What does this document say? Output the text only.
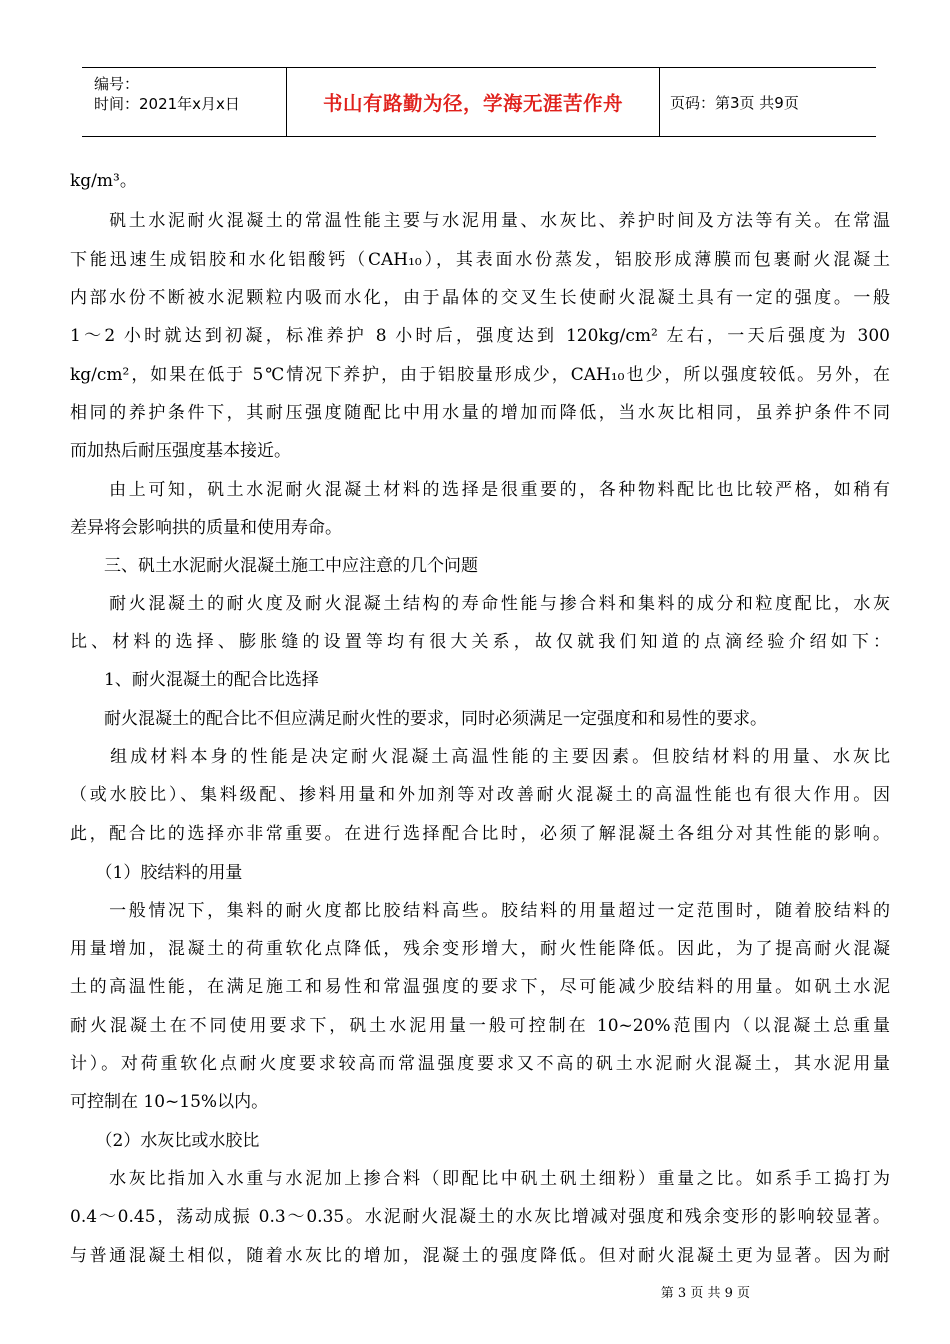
编号：
时间：2021年x月x日	书山有路勤为径，学海无涯苦作舟	页码：第3页 共9页
kg/m³。
　　矾土水泥耐火混凝土的常温性能主要与水泥用量、水灰比、养护时间及方法等有关。在常温
下能迅速生成铝胶和水化铝酸钙（CAH₁₀），其表面水份蒸发，铝胶形成薄膜而包裹耐火混凝土
内部水份不断被水泥颗粒内吸而水化，由于晶体的交叉生长使耐火混凝土具有一定的强度。一般
1～2 小时就达到初凝，标准养护 8 小时后，强度达到 120kg/cm² 左右，一天后强度为 300
kg/cm²，如果在低于 5℃情况下养护，由于铝胶量形成少，CAH₁₀也少，所以强度较低。另外，在
相同的养护条件下，其耐压强度随配比中用水量的增加而降低，当水灰比相同，虽养护条件不同
而加热后耐压强度基本接近。
　　由上可知，矾土水泥耐火混凝土材料的选择是很重要的，各种物料配比也比较严格，如稍有
差异将会影响拱的质量和使用寿命。
　　三、矾土水泥耐火混凝土施工中应注意的几个问题
　　耐火混凝土的耐火度及耐火混凝土结构的寿命性能与掺合料和集料的成分和粒度配比，水灰
比、材料的选择、膨胀缝的设置等均有很大关系，故仅就我们知道的点滴经验介绍如下：
　　1、耐火混凝土的配合比选择
　　耐火混凝土的配合比不但应满足耐火性的要求，同时必须满足一定强度和和易性的要求。
　　组成材料本身的性能是决定耐火混凝土高温性能的主要因素。但胶结材料的用量、水灰比
（或水胶比）、集料级配、掺料用量和外加剂等对改善耐火混凝土的高温性能也有很大作用。因
此，配合比的选择亦非常重要。在进行选择配合比时，必须了解混凝土各组分对其性能的影响。
　　（1）胶结料的用量
　　一般情况下，集料的耐火度都比胶结料高些。胶结料的用量超过一定范围时，随着胶结料的
用量增加，混凝土的荷重软化点降低，残余变形增大，耐火性能降低。因此，为了提高耐火混凝
土的高温性能，在满足施工和易性和常温强度的要求下，尽可能减少胶结料的用量。如矾土水泥
耐火混凝土在不同使用要求下，矾土水泥用量一般可控制在 10~20%范围内（以混凝土总重量
计）。对荷重软化点耐火度要求较高而常温强度要求又不高的矾土水泥耐火混凝土，其水泥用量
可控制在 10~15%以内。
　　（2）水灰比或水胶比
　　水灰比指加入水重与水泥加上掺合料（即配比中矾土矾土细粉）重量之比。如系手工捣打为
0.4～0.45，荡动成振 0.3～0.35。水泥耐火混凝土的水灰比增减对强度和残余变形的影响较显著。
与普通混凝土相似，随着水灰比的增加，混凝土的强度降低。但对耐火混凝土更为显著。因为耐
第 3 页 共 9 页
